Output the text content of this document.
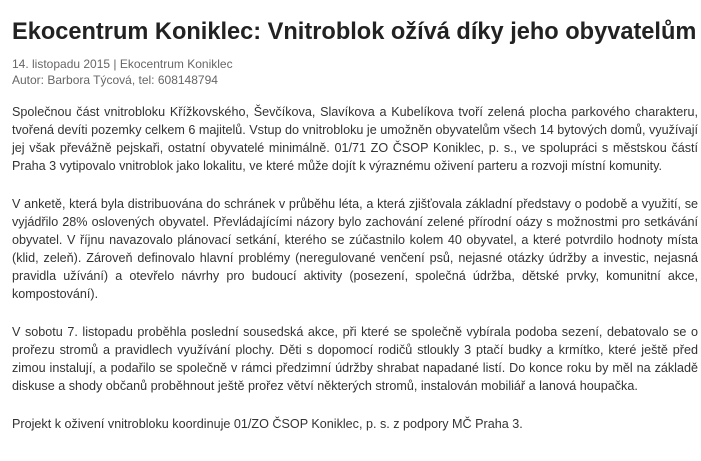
Ekocentrum Koniklec: Vnitroblok ožívá díky jeho obyvatelům
14. listopadu 2015 | Ekocentrum Koniklec
Autor: Barbora Týcová, tel: 608148794

Společnou část vnitrobloku Křížkovského, Ševčíkova, Slavíkova a Kubelíkova tvoří zelená plocha parkového charakteru, tvořená devíti pozemky celkem 6 majitelů. Vstup do vnitrobloku je umožněn obyvatelům všech 14 bytových domů, využívají jej však převážně pejskaři, ostatní obyvatelé minimálně. 01/71 ZO ČSOP Koniklec, p. s., ve spolupráci s městskou částí Praha 3 vytipovalo vnitroblok jako lokalitu, ve které může dojít k výraznému oživení parteru a rozvoji místní komunity.

V anketě, která byla distribuována do schránek v průběhu léta, a která zjišťovala základní představy o podobě a využití, se vyjádřilo 28% oslovených obyvatel. Převládajícími názory bylo zachování zelené přírodní oázy s možnostmi pro setkávání obyvatel. V říjnu navazovalo plánovací setkání, kterého se zúčastnilo kolem 40 obyvatel, a které potvrdilo hodnoty místa (klid, zeleň). Zároveň definovalo hlavní problémy (neregulované venčení psů, nejasné otázky údržby a investic, nejasná pravidla užívání) a otevřelo návrhy pro budoucí aktivity (posezení, společná údržba, dětské prvky, komunitní akce, kompostování).

V sobotu 7. listopadu proběhla poslední sousedská akce, při které se společně vybírala podoba sezení, debatovalo se o prořezu stromů a pravidlech využívání plochy. Děti s dopomocí rodičů stloukly 3 ptačí budky a krmítko, které ještě před zimou instalují, a podařilo se společně v rámci předzimní údržby shrabat napadané listí. Do konce roku by měl na základě diskuse a shody občanů proběhnout ještě prořez větví některých stromů, instalován mobiliář a lanová houpačka.

Projekt k oživení vnitrobloku koordinuje 01/ZO ČSOP Koniklec, p. s. z podpory MČ Praha 3.
